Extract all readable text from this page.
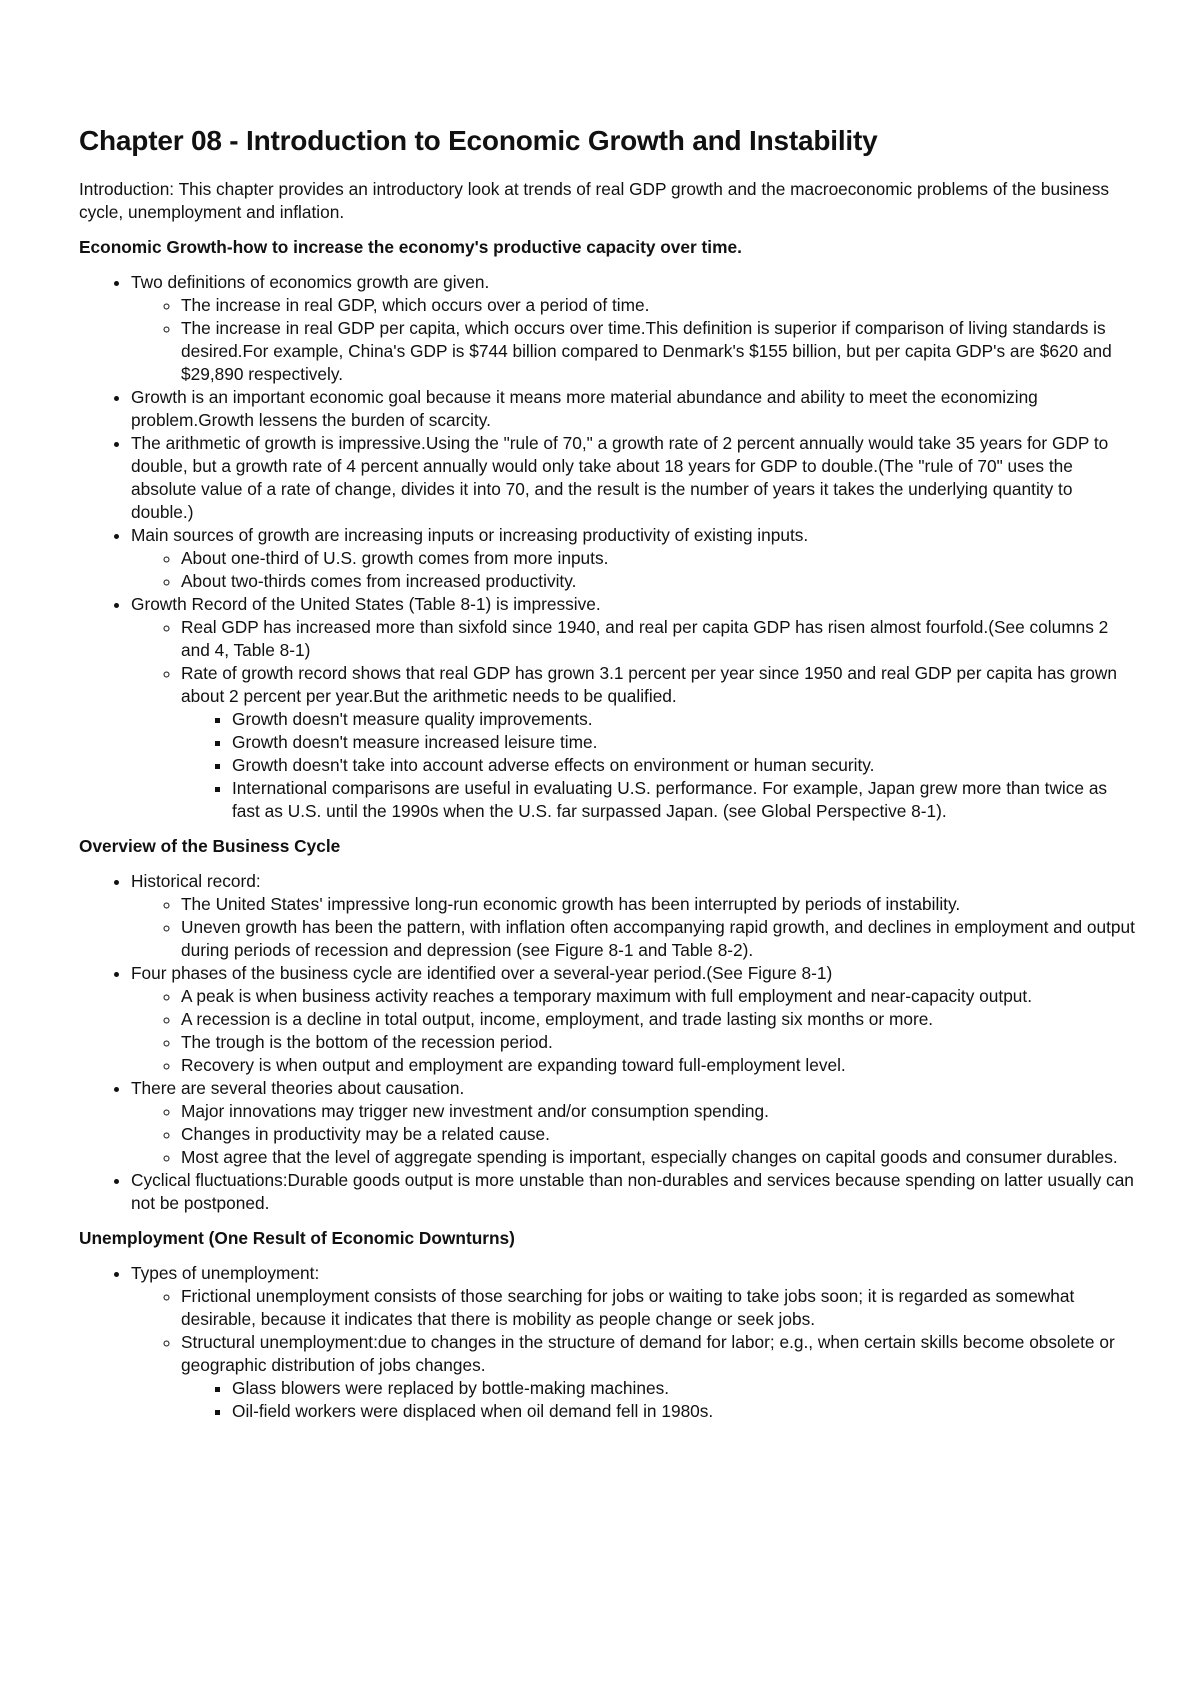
Chapter 08 - Introduction to Economic Growth and Instability

Introduction: This chapter provides an introductory look at trends of real GDP growth and the macroeconomic problems of the business cycle, unemployment and inflation.

Economic Growth-how to increase the economy's productive capacity over time.
• Two definitions of economics growth are given.
◦ The increase in real GDP, which occurs over a period of time.
◦ The increase in real GDP per capita, which occurs over time.This definition is superior if comparison of living standards is desired.For example, China's GDP is $744 billion compared to Denmark's $155 billion, but per capita GDP's are $620 and $29,890 respectively.
• Growth is an important economic goal because it means more material abundance and ability to meet the economizing problem.Growth lessens the burden of scarcity.
• The arithmetic of growth is impressive.Using the "rule of 70," a growth rate of 2 percent annually would take 35 years for GDP to double, but a growth rate of 4 percent annually would only take about 18 years for GDP to double.(The "rule of 70" uses the absolute value of a rate of change, divides it into 70, and the result is the number of years it takes the underlying quantity to double.)
• Main sources of growth are increasing inputs or increasing productivity of existing inputs.
◦ About one-third of U.S. growth comes from more inputs.
◦ About two-thirds comes from increased productivity.
• Growth Record of the United States (Table 8-1) is impressive.
◦ Real GDP has increased more than sixfold since 1940, and real per capita GDP has risen almost fourfold.(See columns 2 and 4, Table 8-1)
◦ Rate of growth record shows that real GDP has grown 3.1 percent per year since 1950 and real GDP per capita has grown about 2 percent per year.But the arithmetic needs to be qualified.
▪ Growth doesn't measure quality improvements.
▪ Growth doesn't measure increased leisure time.
▪ Growth doesn't take into account adverse effects on environment or human security.
▪ International comparisons are useful in evaluating U.S. performance. For example, Japan grew more than twice as fast as U.S. until the 1990s when the U.S. far surpassed Japan. (see Global Perspective 8-1).
Overview of the Business Cycle
• Historical record:
◦ The United States' impressive long-run economic growth has been interrupted by periods of instability.
◦ Uneven growth has been the pattern, with inflation often accompanying rapid growth, and declines in employment and output during periods of recession and depression (see Figure 8-1 and Table 8-2).
• Four phases of the business cycle are identified over a several-year period.(See Figure 8-1)
◦ A peak is when business activity reaches a temporary maximum with full employment and near-capacity output.
◦ A recession is a decline in total output, income, employment, and trade lasting six months or more.
◦ The trough is the bottom of the recession period.
◦ Recovery is when output and employment are expanding toward full-employment level.
• There are several theories about causation.
◦ Major innovations may trigger new investment and/or consumption spending.
◦ Changes in productivity may be a related cause.
◦ Most agree that the level of aggregate spending is important, especially changes on capital goods and consumer durables.
• Cyclical fluctuations:Durable goods output is more unstable than non-durables and services because spending on latter usually can not be postponed.
Unemployment (One Result of Economic Downturns)
• Types of unemployment:
◦ Frictional unemployment consists of those searching for jobs or waiting to take jobs soon; it is regarded as somewhat desirable, because it indicates that there is mobility as people change or seek jobs.
◦ Structural unemployment:due to changes in the structure of demand for labor; e.g., when certain skills become obsolete or geographic distribution of jobs changes.
▪ Glass blowers were replaced by bottle-making machines.
▪ Oil-field workers were displaced when oil demand fell in 1980s.
